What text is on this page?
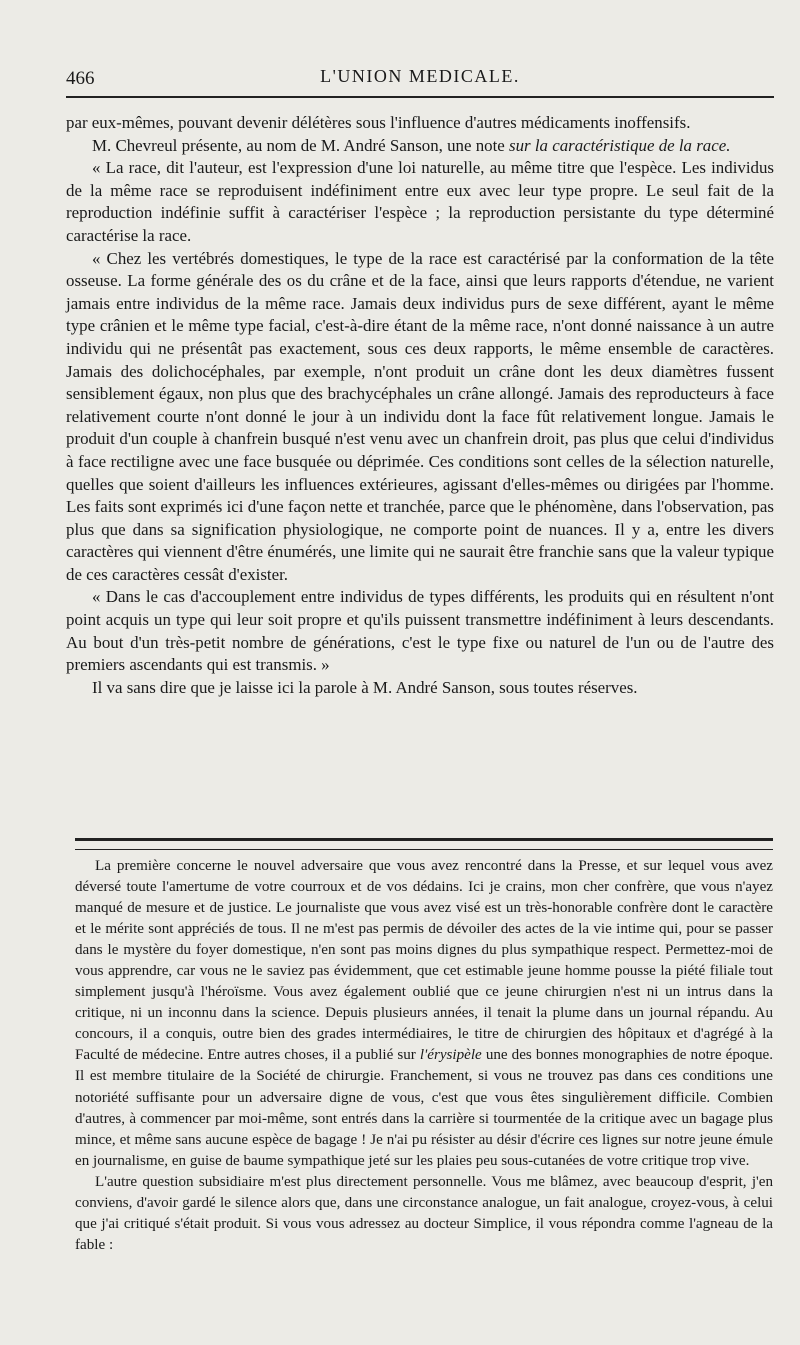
466	L'UNION MEDICALE.

par eux-mêmes, pouvant devenir délétères sous l'influence d'autres médicaments inoffensifs.

M. Chevreul présente, au nom de M. André Sanson, une note sur la caractéristique de la race.

« La race, dit l'auteur, est l'expression d'une loi naturelle, au même titre que l'espèce. Les individus de la même race se reproduisent indéfiniment entre eux avec leur type propre. Le seul fait de la reproduction indéfinie suffit à caractériser l'espèce ; la reproduction persistante du type déterminé caractérise la race.

« Chez les vertébrés domestiques, le type de la race est caractérisé par la conformation de la tête osseuse. La forme générale des os du crâne et de la face, ainsi que leurs rapports d'étendue, ne varient jamais entre individus de la même race. Jamais deux individus purs de sexe différent, ayant le même type crânien et le même type facial, c'est-à-dire étant de la même race, n'ont donné naissance à un autre individu qui ne présentât pas exactement, sous ces deux rapports, le même ensemble de caractères. Jamais des dolichocéphales, par exemple, n'ont produit un crâne dont les deux diamètres fussent sensiblement égaux, non plus que des brachycéphales un crâne allongé. Jamais des reproducteurs à face relativement courte n'ont donné le jour à un individu dont la face fût relativement longue. Jamais le produit d'un couple à chanfrein busqué n'est venu avec un chanfrein droit, pas plus que celui d'individus à face rectiligne avec une face busquée ou déprimée. Ces conditions sont celles de la sélection naturelle, quelles que soient d'ailleurs les influences extérieures, agissant d'elles-mêmes ou dirigées par l'homme. Les faits sont exprimés ici d'une façon nette et tranchée, parce que le phénomène, dans l'observation, pas plus que dans sa signification physiologique, ne comporte point de nuances. Il y a, entre les divers caractères qui viennent d'être énumérés, une limite qui ne saurait être franchie sans que la valeur typique de ces caractères cessât d'exister.

« Dans le cas d'accouplement entre individus de types différents, les produits qui en résultent n'ont point acquis un type qui leur soit propre et qu'ils puissent transmettre indéfiniment à leurs descendants. Au bout d'un très-petit nombre de générations, c'est le type fixe ou naturel de l'un ou de l'autre des premiers ascendants qui est transmis. »

Il va sans dire que je laisse ici la parole à M. André Sanson, sous toutes réserves.

La première concerne le nouvel adversaire que vous avez rencontré dans la Presse, et sur lequel vous avez déversé toute l'amertume de votre courroux et de vos dédains. Ici je crains, mon cher confrère, que vous n'ayez manqué de mesure et de justice. Le journaliste que vous avez visé est un très-honorable confrère dont le caractère et le mérite sont appréciés de tous. Il ne m'est pas permis de dévoiler des actes de la vie intime qui, pour se passer dans le mystère du foyer domestique, n'en sont pas moins dignes du plus sympathique respect. Permettez-moi de vous apprendre, car vous ne le saviez pas évidemment, que cet estimable jeune homme pousse la piété filiale tout simplement jusqu'à l'héroïsme. Vous avez également oublié que ce jeune chirurgien n'est ni un intrus dans la critique, ni un inconnu dans la science. Depuis plusieurs années, il tenait la plume dans un journal répandu. Au concours, il a conquis, outre bien des grades intermédiaires, le titre de chirurgien des hôpitaux et d'agrégé à la Faculté de médecine. Entre autres choses, il a publié sur l'érysipèle une des bonnes monographies de notre époque. Il est membre titulaire de la Société de chirurgie. Franchement, si vous ne trouvez pas dans ces conditions une notoriété suffisante pour un adversaire digne de vous, c'est que vous êtes singulièrement difficile. Combien d'autres, à commencer par moi-même, sont entrés dans la carrière si tourmentée de la critique avec un bagage plus mince, et même sans aucune espèce de bagage ! Je n'ai pu résister au désir d'écrire ces lignes sur notre jeune émule en journalisme, en guise de baume sympathique jeté sur les plaies peu sous-cutanées de votre critique trop vive.

L'autre question subsidiaire m'est plus directement personnelle. Vous me blâmez, avec beaucoup d'esprit, j'en conviens, d'avoir gardé le silence alors que, dans une circonstance analogue, un fait analogue, croyez-vous, à celui que j'ai critiqué s'était produit. Si vous vous adressez au docteur Simplice, il vous répondra comme l'agneau de la fable :
